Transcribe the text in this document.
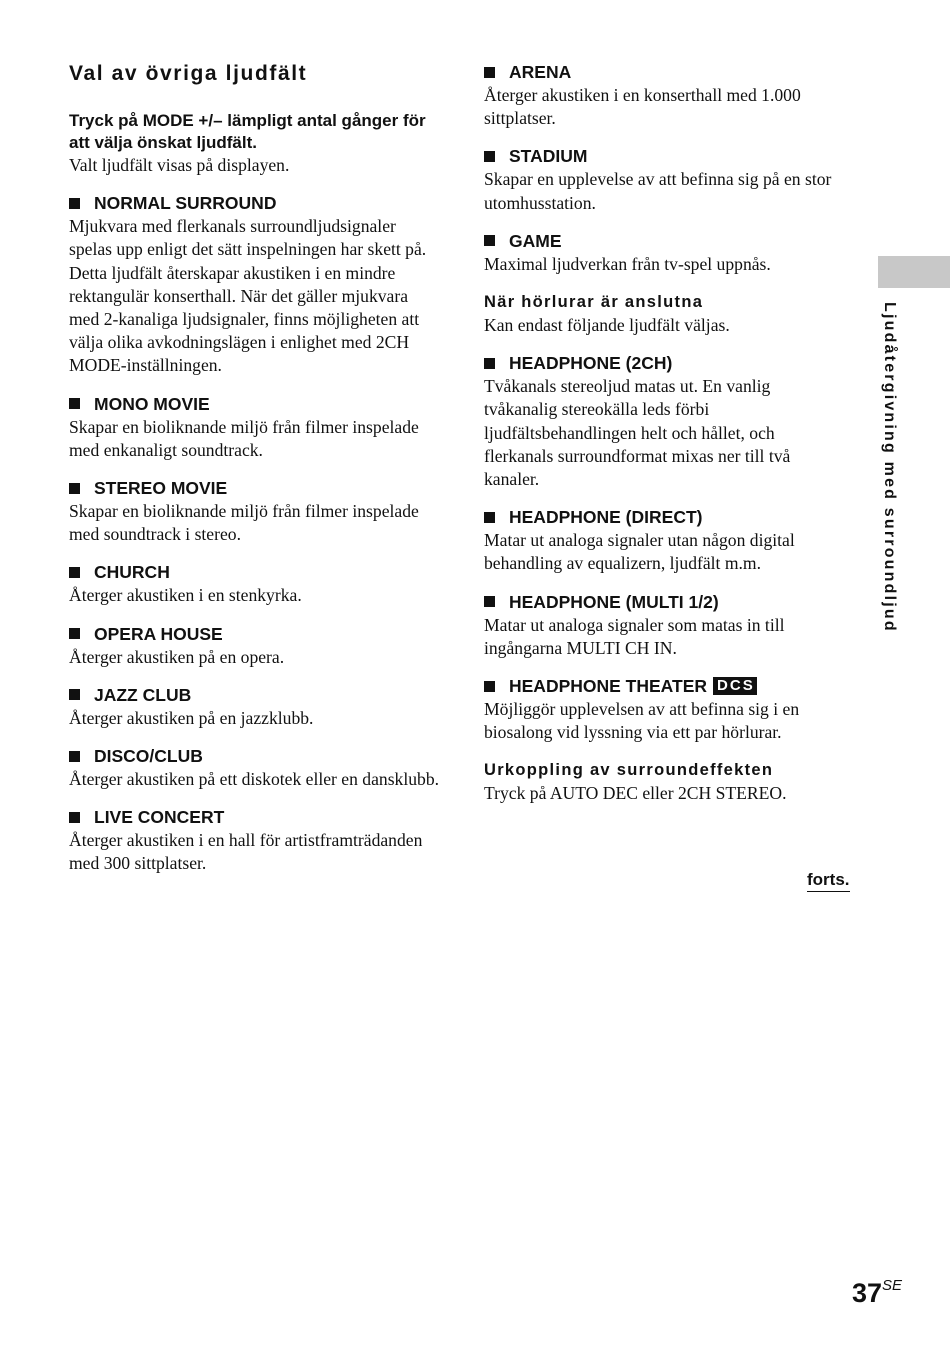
Ljudåtergivning med surroundljud
Val av övriga ljudfält

Tryck på MODE +/– lämpligt antal gånger för att välja önskat ljudfält.

Valt ljudfält visas på displayen.

NORMAL SURROUND

Mjukvara med flerkanals surroundljudsignaler spelas upp enligt det sätt inspelningen har skett på. Detta ljudfält återskapar akustiken i en mindre rektangulär konserthall. När det gäller mjukvara med 2-kanaliga ljudsignaler, finns möjligheten att välja olika avkodningslägen i enlighet med 2CH MODE-inställningen.

MONO MOVIE

Skapar en bioliknande miljö från filmer inspelade med enkanaligt soundtrack.

STEREO MOVIE

Skapar en bioliknande miljö från filmer inspelade med soundtrack i stereo.

CHURCH

Återger akustiken i en stenkyrka.

OPERA HOUSE

Återger akustiken på en opera.

JAZZ CLUB

Återger akustiken på en jazzklubb.

DISCO/CLUB

Återger akustiken på ett diskotek eller en dansklubb.

LIVE CONCERT

Återger akustiken i en hall för artistframträdanden med 300 sittplatser.

ARENA

Återger akustiken i en konserthall med 1.000 sittplatser.

STADIUM

Skapar en upplevelse av att befinna sig på en stor utomhusstation.

GAME

Maximal ljudverkan från tv-spel uppnås.

När hörlurar är anslutna

Kan endast följande ljudfält väljas.

HEADPHONE (2CH)

Tvåkanals stereoljud matas ut. En vanlig tvåkanalig stereokälla leds förbi ljudfältsbehandlingen helt och hållet, och flerkanals surroundformat mixas ner till två kanaler.

HEADPHONE (DIRECT)

Matar ut analoga signaler utan någon digital behandling av equalizern, ljudfält m.m.

HEADPHONE (MULTI 1/2)

Matar ut analoga signaler som matas in till ingångarna MULTI CH IN.

HEADPHONE THEATER DCS

Möjliggör upplevelsen av att befinna sig i en biosalong vid lyssning via ett par hörlurar.

Urkoppling av surroundeffekten

Tryck på AUTO DEC eller 2CH STEREO.

forts.
$37^{SE}$
